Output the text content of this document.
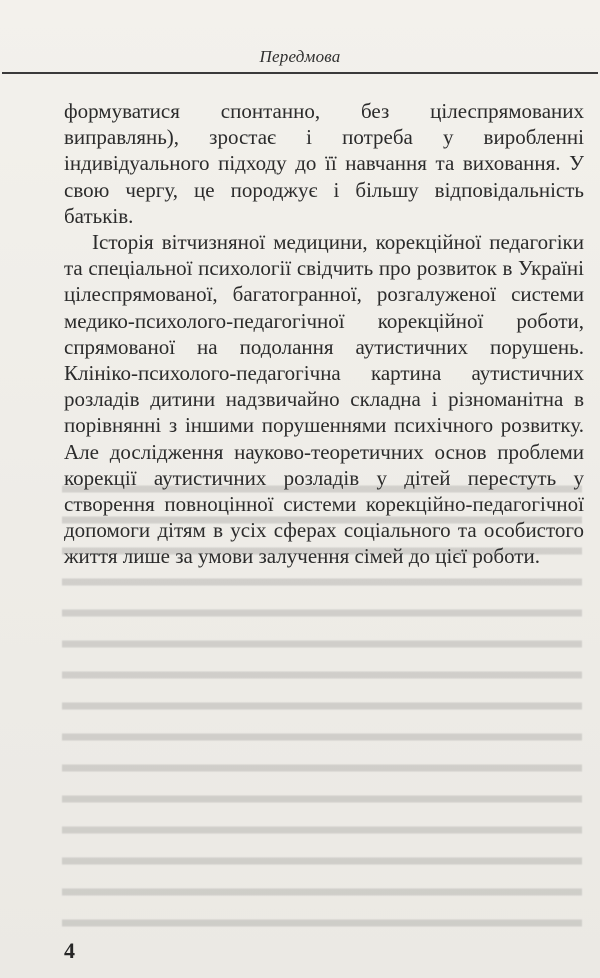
Передмова

формуватися спонтанно, без цілеспрямованих виправлянь), зростає і потреба у виробленні індивідуального підходу до її навчання та виховання. У свою чергу, це породжує і більшу відповідальність батьків.

Історія вітчизняної медицини, корекційної педагогіки та спеціальної психології свідчить про розвиток в Україні цілеспрямованої, багатогранної, розгалуженої системи медико-психолого-педагогічної корекційної роботи, спрямованої на подолання аутистичних порушень. Клініко-психолого-педагогічна картина аутистичних розладів дитини надзвичайно складна і різноманітна в порівнянні з іншими порушеннями психічного розвитку. Але дослідження науково-теоретичних основ проблеми корекції аутистичних розладів у дітей перестуть у створення повноцінної системи корекційно-педагогічної допомоги дітям в усіх сферах соціального та особистого життя лише за умови залучення сімей до цієї роботи.

4
